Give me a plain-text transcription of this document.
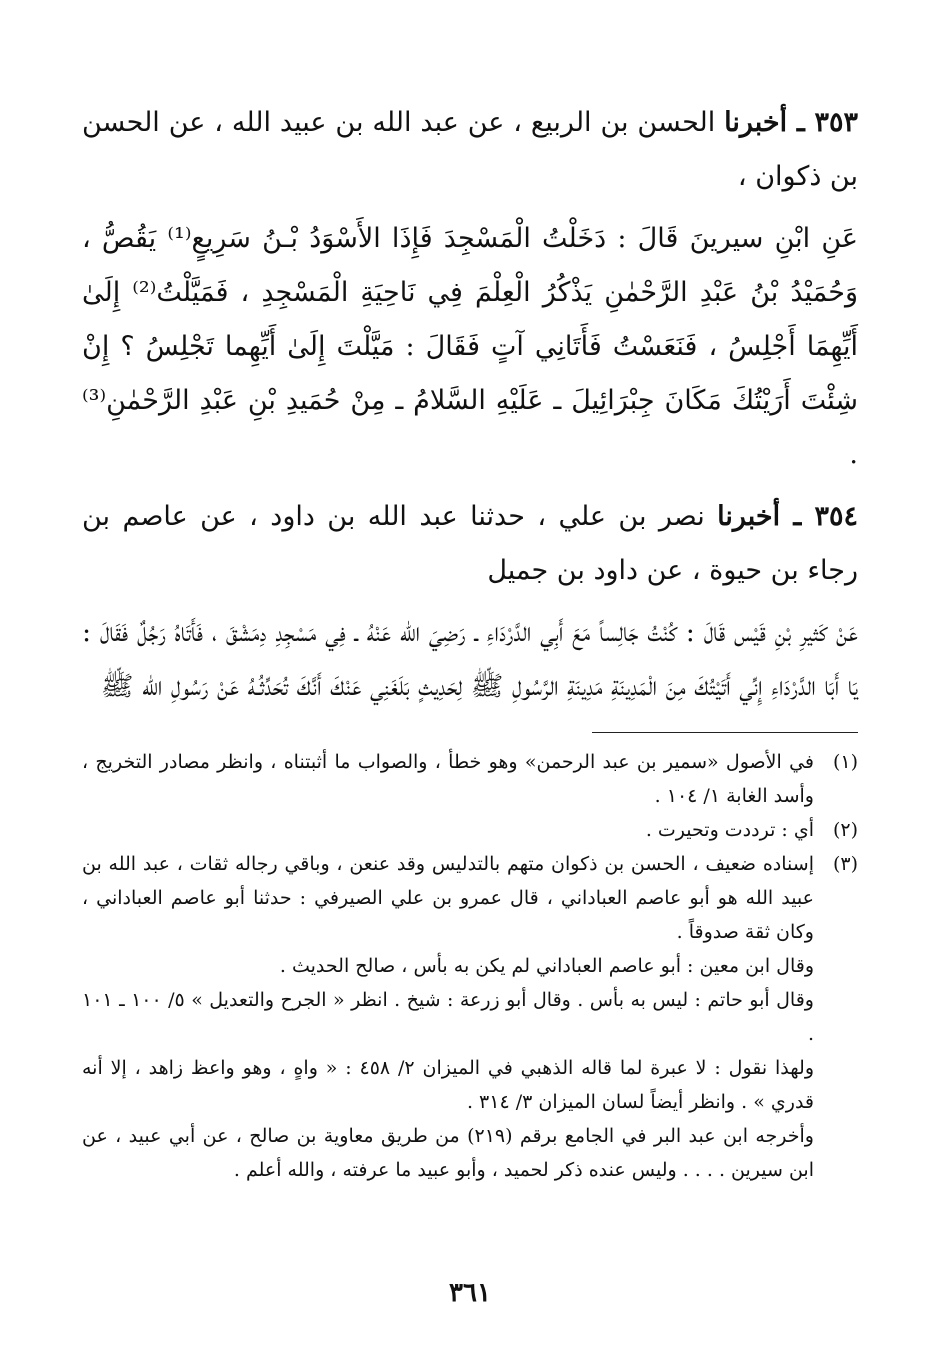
٣٥٣ ـ أخبرنا الحسن بن الربيع ، عن عبد الله بن عبيد الله ، عن الحسن بن ذكوان ،

عَنِ ابْنِ سيرينَ قَالَ : دَخَلْتُ الْمَسْجِدَ فَإِذَا الأَسْوَدُ بْـنُ سَرِيعٍ⁽¹⁾ يَقُصُّ ، وَحُمَيْدُ بْنُ عَبْدِ الرَّحْمٰنِ يَذْكُرُ الْعِلْمَ فِي نَاحِيَةِ الْمَسْجِدِ ، فَمَيَّلْتُ⁽²⁾ إِلَىٰ أَيِّهِمَا أَجْلِسُ ، فَنَعَسْتُ فَأَتَانِي آتٍ فَقَالَ : مَيَّلْتَ إِلَىٰ أَيِّهِما تَجْلِسُ ؟ إِنْ شِئْتَ أَرَيْتُكَ مَكَانَ جِبْرَائِيلَ ـ عَلَيْهِ السَّلامُ ـ مِنْ حُمَيدِ بْنِ عَبْدِ الرَّحْمٰنِ⁽³⁾ .

٣٥٤ ـ أخبرنا نصر بن علي ، حدثنا عبد الله بن داود ، عن عاصم بن رجاء بن حيوة ، عن داود بن جميل

عَنْ كَثيرِ بْنِ قَيْس قَالَ : كُنْتُ جَالِساً مَعَ أَبِي الدَّرْدَاءِ ـ رَضِيَ الله عَنْهُ ـ فِي مَسْجِدِ دِمَشْقَ ، فَأَتَاهُ رَجُلٌ فَقَالَ : يَا أَبَا الدَّرْدَاءِ إِنِّي أَتَيْتُكَ مِنَ الْمَدِينَةِ مَدِينَةِ الرَّسُولِ ﷺ لِحَدِيثٍ بَلَغَنِي عَنْكَ أَنَّكَ تُحَدِّثُـهُ عَنْ رَسُولِ الله ﷺ

(١)
في الأصول «سمير بن عبد الرحمن» وهو خطأ ، والصواب ما أثبتناه ، وانظر مصادر التخريج ، وأسد الغابة ١/ ١٠٤ .
(٢)
أي : ترددت وتحيرت .
(٣)
إسناده ضعيف ، الحسن بن ذكوان متهم بالتدليس وقد عنعن ، وباقي رجاله ثقات ، عبد الله بن عبيد الله هو أبو عاصم العباداني ، قال عمرو بن علي الصيرفي : حدثنا أبو عاصم العباداني ، وكان ثقة صدوقاً .
وقال ابن معين : أبو عاصم العباداني لم يكن به بأس ، صالح الحديث .
وقال أبو حاتم : ليس به بأس . وقال أبو زرعة : شيخ . انظر « الجرح والتعديل » ٥/ ١٠٠ ـ ١٠١ .
ولهذا نقول : لا عبرة لما قاله الذهبي في الميزان ٢/ ٤٥٨ : « واهٍ ، وهو واعظ زاهد ، إلا أنه قدري » . وانظر أيضاً لسان الميزان ٣/ ٣١٤ .
وأخرجه ابن عبد البر في الجامع برقم (٢١٩) من طريق معاوية بن صالح ، عن أبي عبيد ، عن ابن سيرين . . . . وليس عنده ذكر لحميد ، وأبو عبيد ما عرفته ، والله أعلم .
٣٦١
